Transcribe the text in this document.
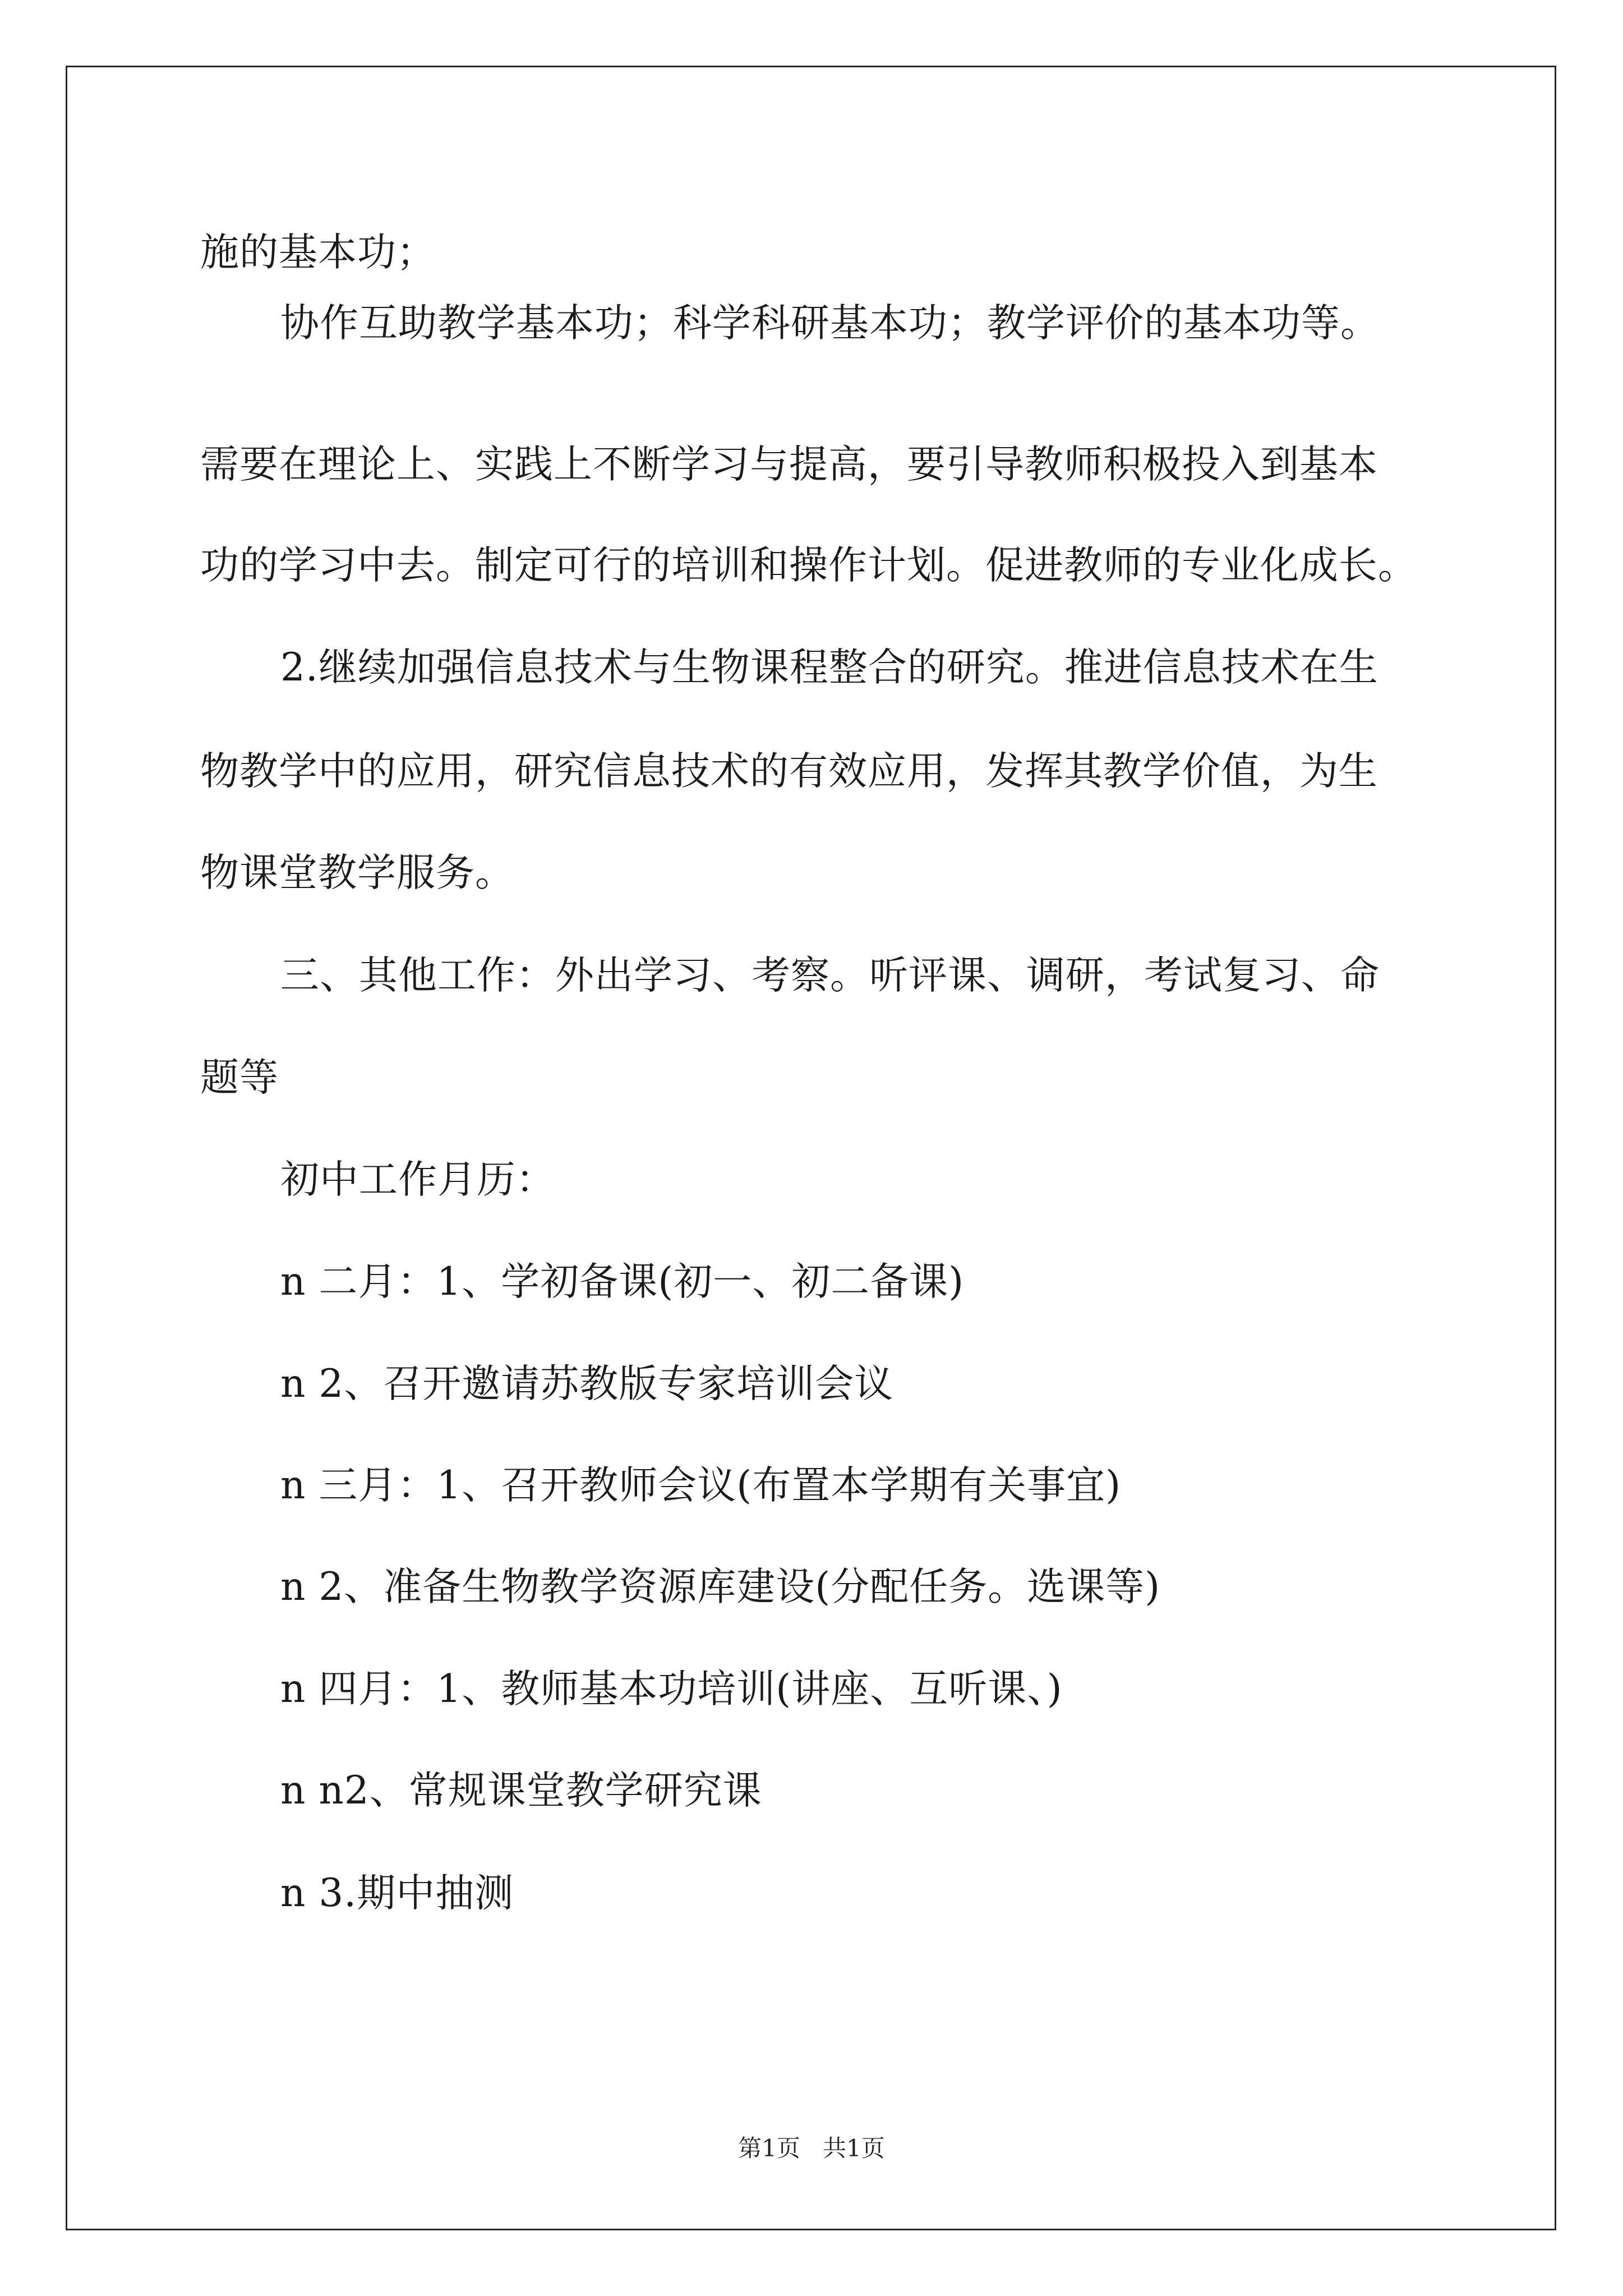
施的基本功；
协作互助教学基本功；科学科研基本功；教学评价的基本功等。
需要在理论上、实践上不断学习与提高，要引导教师积极投入到基本
功的学习中去。制定可行的培训和操作计划。促进教师的专业化成长。
2.继续加强信息技术与生物课程整合的研究。推进信息技术在生
物教学中的应用，研究信息技术的有效应用，发挥其教学价值，为生
物课堂教学服务。
三、其他工作：外出学习、考察。听评课、调研，考试复习、命
题等
初中工作月历：
n 二月：1、学初备课(初一、初二备课)
n 2、召开邀请苏教版专家培训会议
n 三月：1、召开教师会议(布置本学期有关事宜)
n 2、准备生物教学资源库建设(分配任务。选课等)
n 四月：1、教师基本功培训(讲座、互听课、)
n n2、常规课堂教学研究课
n 3.期中抽测
第1页   共1页
